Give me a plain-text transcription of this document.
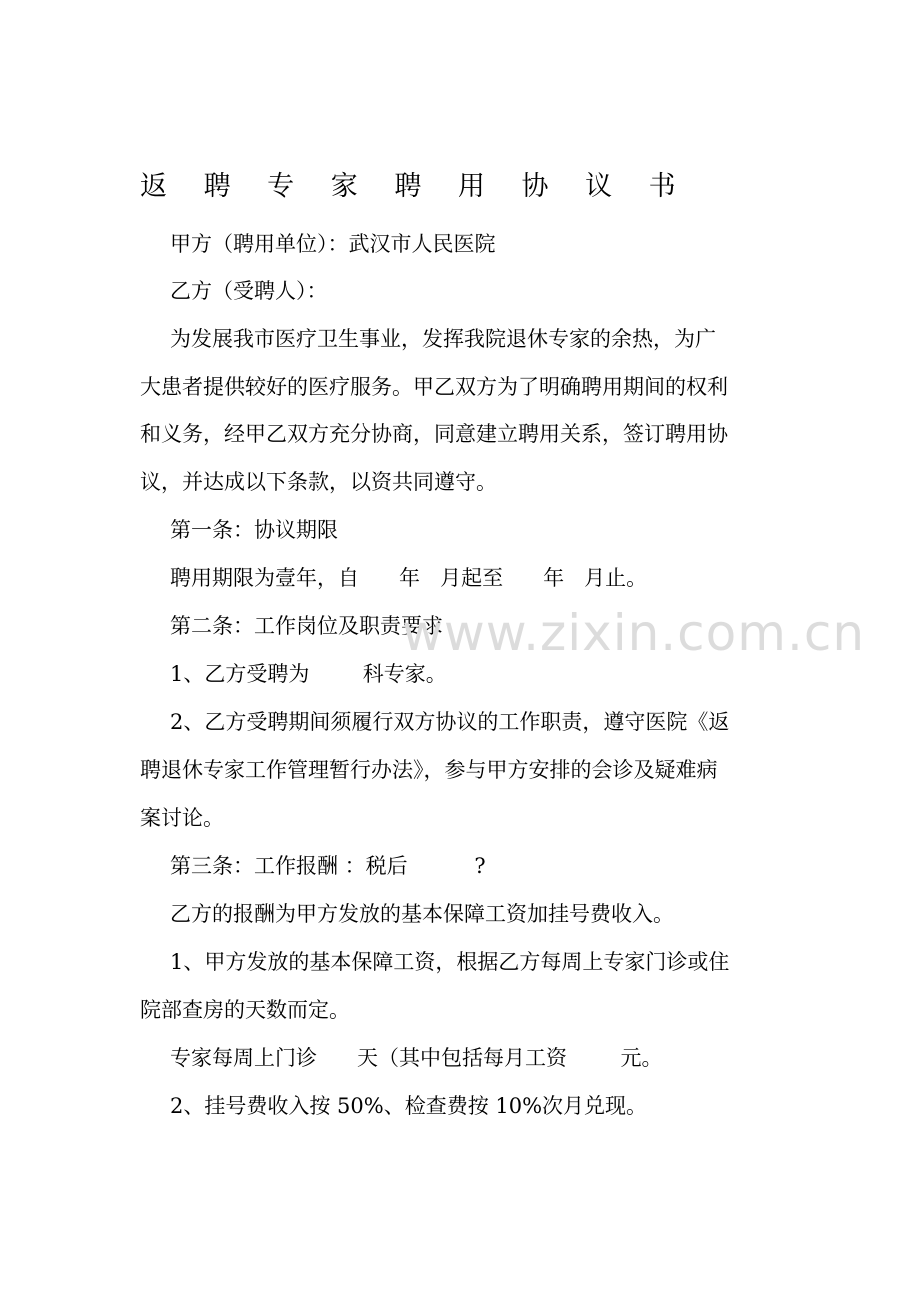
返 聘 专 家 聘 用 协 议 书
甲方（聘用单位）：武汉市人民医院
乙方（受聘人）：
为发展我市医疗卫生事业，发挥我院退休专家的余热，为广
大患者提供较好的医疗服务。甲乙双方为了明确聘用期间的权利
和义务，经甲乙双方充分协商，同意建立聘用关系，签订聘用协
议，并达成以下条款，以资共同遵守。
第一条：协议期限
聘用期限为壹年，自      年   月起至      年   月止。
第二条：工作岗位及职责要求
1、乙方受聘为        科专家。
2、乙方受聘期间须履行双方协议的工作职责，遵守医院《返
聘退休专家工作管理暂行办法》，参与甲方安排的会诊及疑难病
案讨论。
第三条：工作报酬 ：税后          ?
乙方的报酬为甲方发放的基本保障工资加挂号费收入。
1、甲方发放的基本保障工资，根据乙方每周上专家门诊或住
院部查房的天数而定。
专家每周上门诊      天（其中包括每月工资        元。
2、挂号费收入按 50%、检查费按 10%次月兑现。
www.zixin.com.cn
